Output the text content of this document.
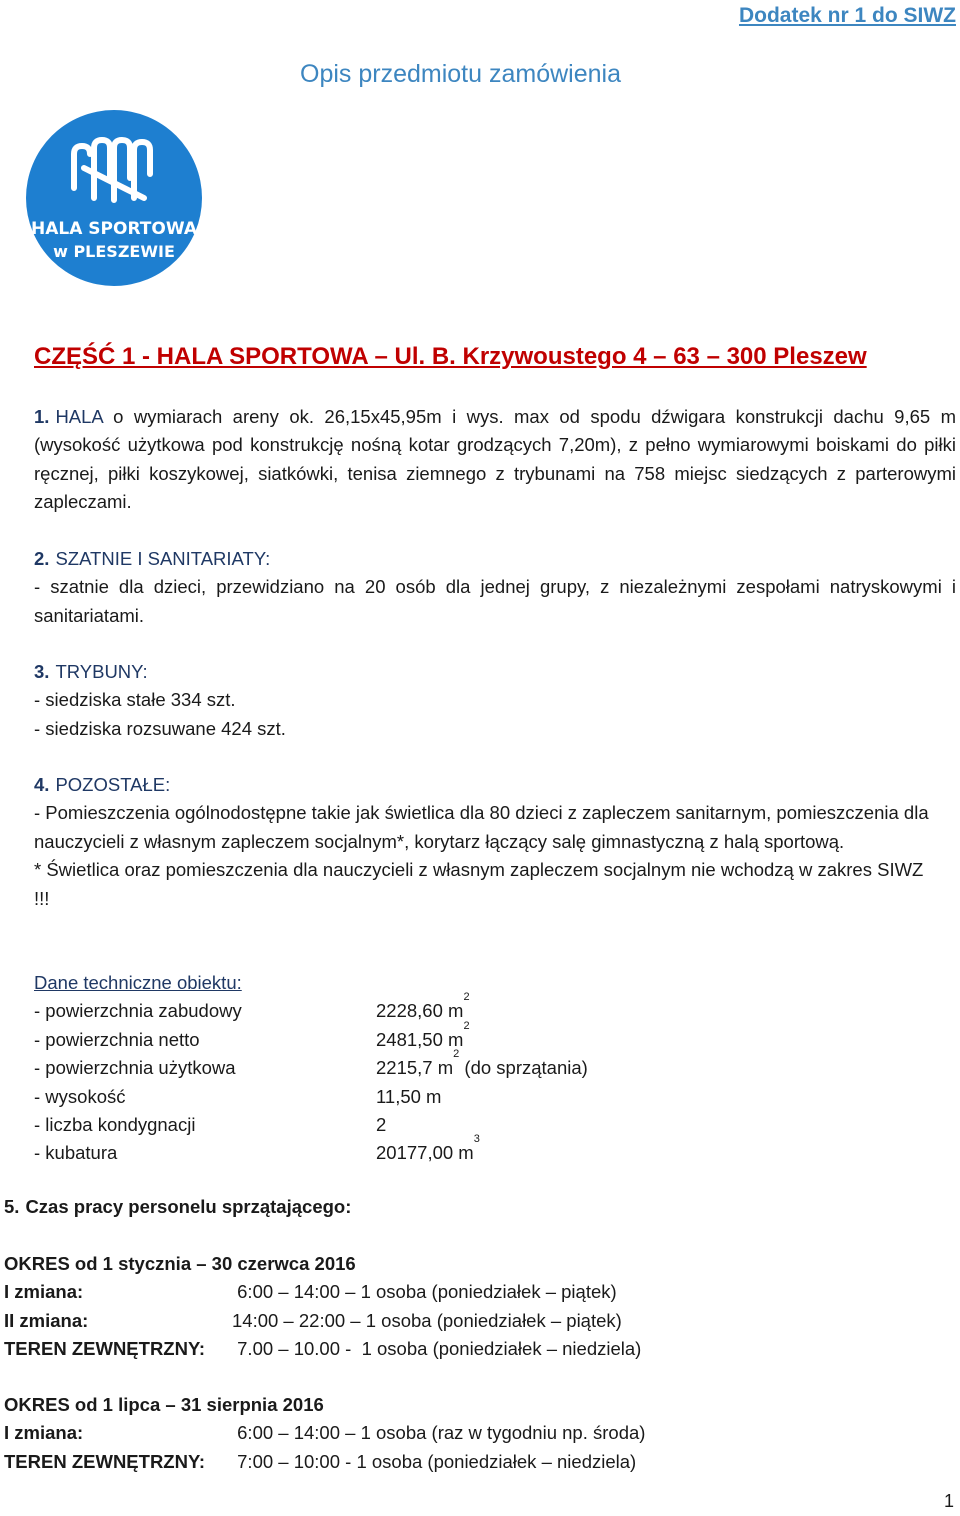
Dodatek nr 1 do SIWZ
Opis przedmiotu zamówienia
HALA SPORTOWA
w PLESZEWIE
CZĘŚĆ 1 - HALA SPORTOWA – Ul. B. Krzywoustego 4 – 63 – 300 Pleszew
1. HALA o wymiarach areny ok. 26,15x45,95m i wys. max od spodu dźwigara konstrukcji dachu 9,65 m (wysokość użytkowa pod konstrukcję nośną kotar grodzących 7,20m), z pełno wymiarowymi boiskami do piłki ręcznej, piłki koszykowej, siatkówki, tenisa ziemnego z trybunami na 758 miejsc siedzących z parterowymi zapleczami.

2. SZATNIE I SANITARIATY:

- szatnie dla dzieci, przewidziano na 20 osób dla jednej grupy, z niezależnymi zespołami natryskowymi i sanitariatami.

3. TRYBUNY:

- siedziska stałe 334 szt.

- siedziska rozsuwane 424 szt.

4. POZOSTAŁE:

- Pomieszczenia ogólnodostępne takie jak świetlica dla 80 dzieci z zapleczem sanitarnym, pomieszczenia dla nauczycieli z własnym zapleczem socjalnym*, korytarz łączący salę gimnastyczną z halą sportową.

* Świetlica oraz pomieszczenia dla nauczycieli z własnym zapleczem socjalnym nie wchodzą w zakres SIWZ !!!

Dane techniczne obiektu:

- powierzchnia zabudowy	2228,60 m
2
- powierzchnia netto	2481,50 m
2
- powierzchnia użytkowa	2215,7 m
2
(do sprzątania)
- wysokość	11,50 m
- liczba kondygnacji	2
- kubatura	20177,00 m
3
5. Czas pracy personelu sprzątającego:
OKRES od 1 stycznia – 30 czerwca 2016
I zmiana:	6:00 – 14:00 – 1 osoba (poniedziałek – piątek)
II zmiana:	14:00 – 22:00 – 1 osoba (poniedziałek – piątek)
TEREN ZEWNĘTRZNY:	7.00 – 10.00 -  1 osoba (poniedziałek – niedziela)
OKRES od 1 lipca – 31 sierpnia 2016
I zmiana:	6:00 – 14:00 – 1 osoba (raz w tygodniu np. środa)
TEREN ZEWNĘTRZNY:	7:00 – 10:00 - 1 osoba (poniedziałek – niedziela)
1
